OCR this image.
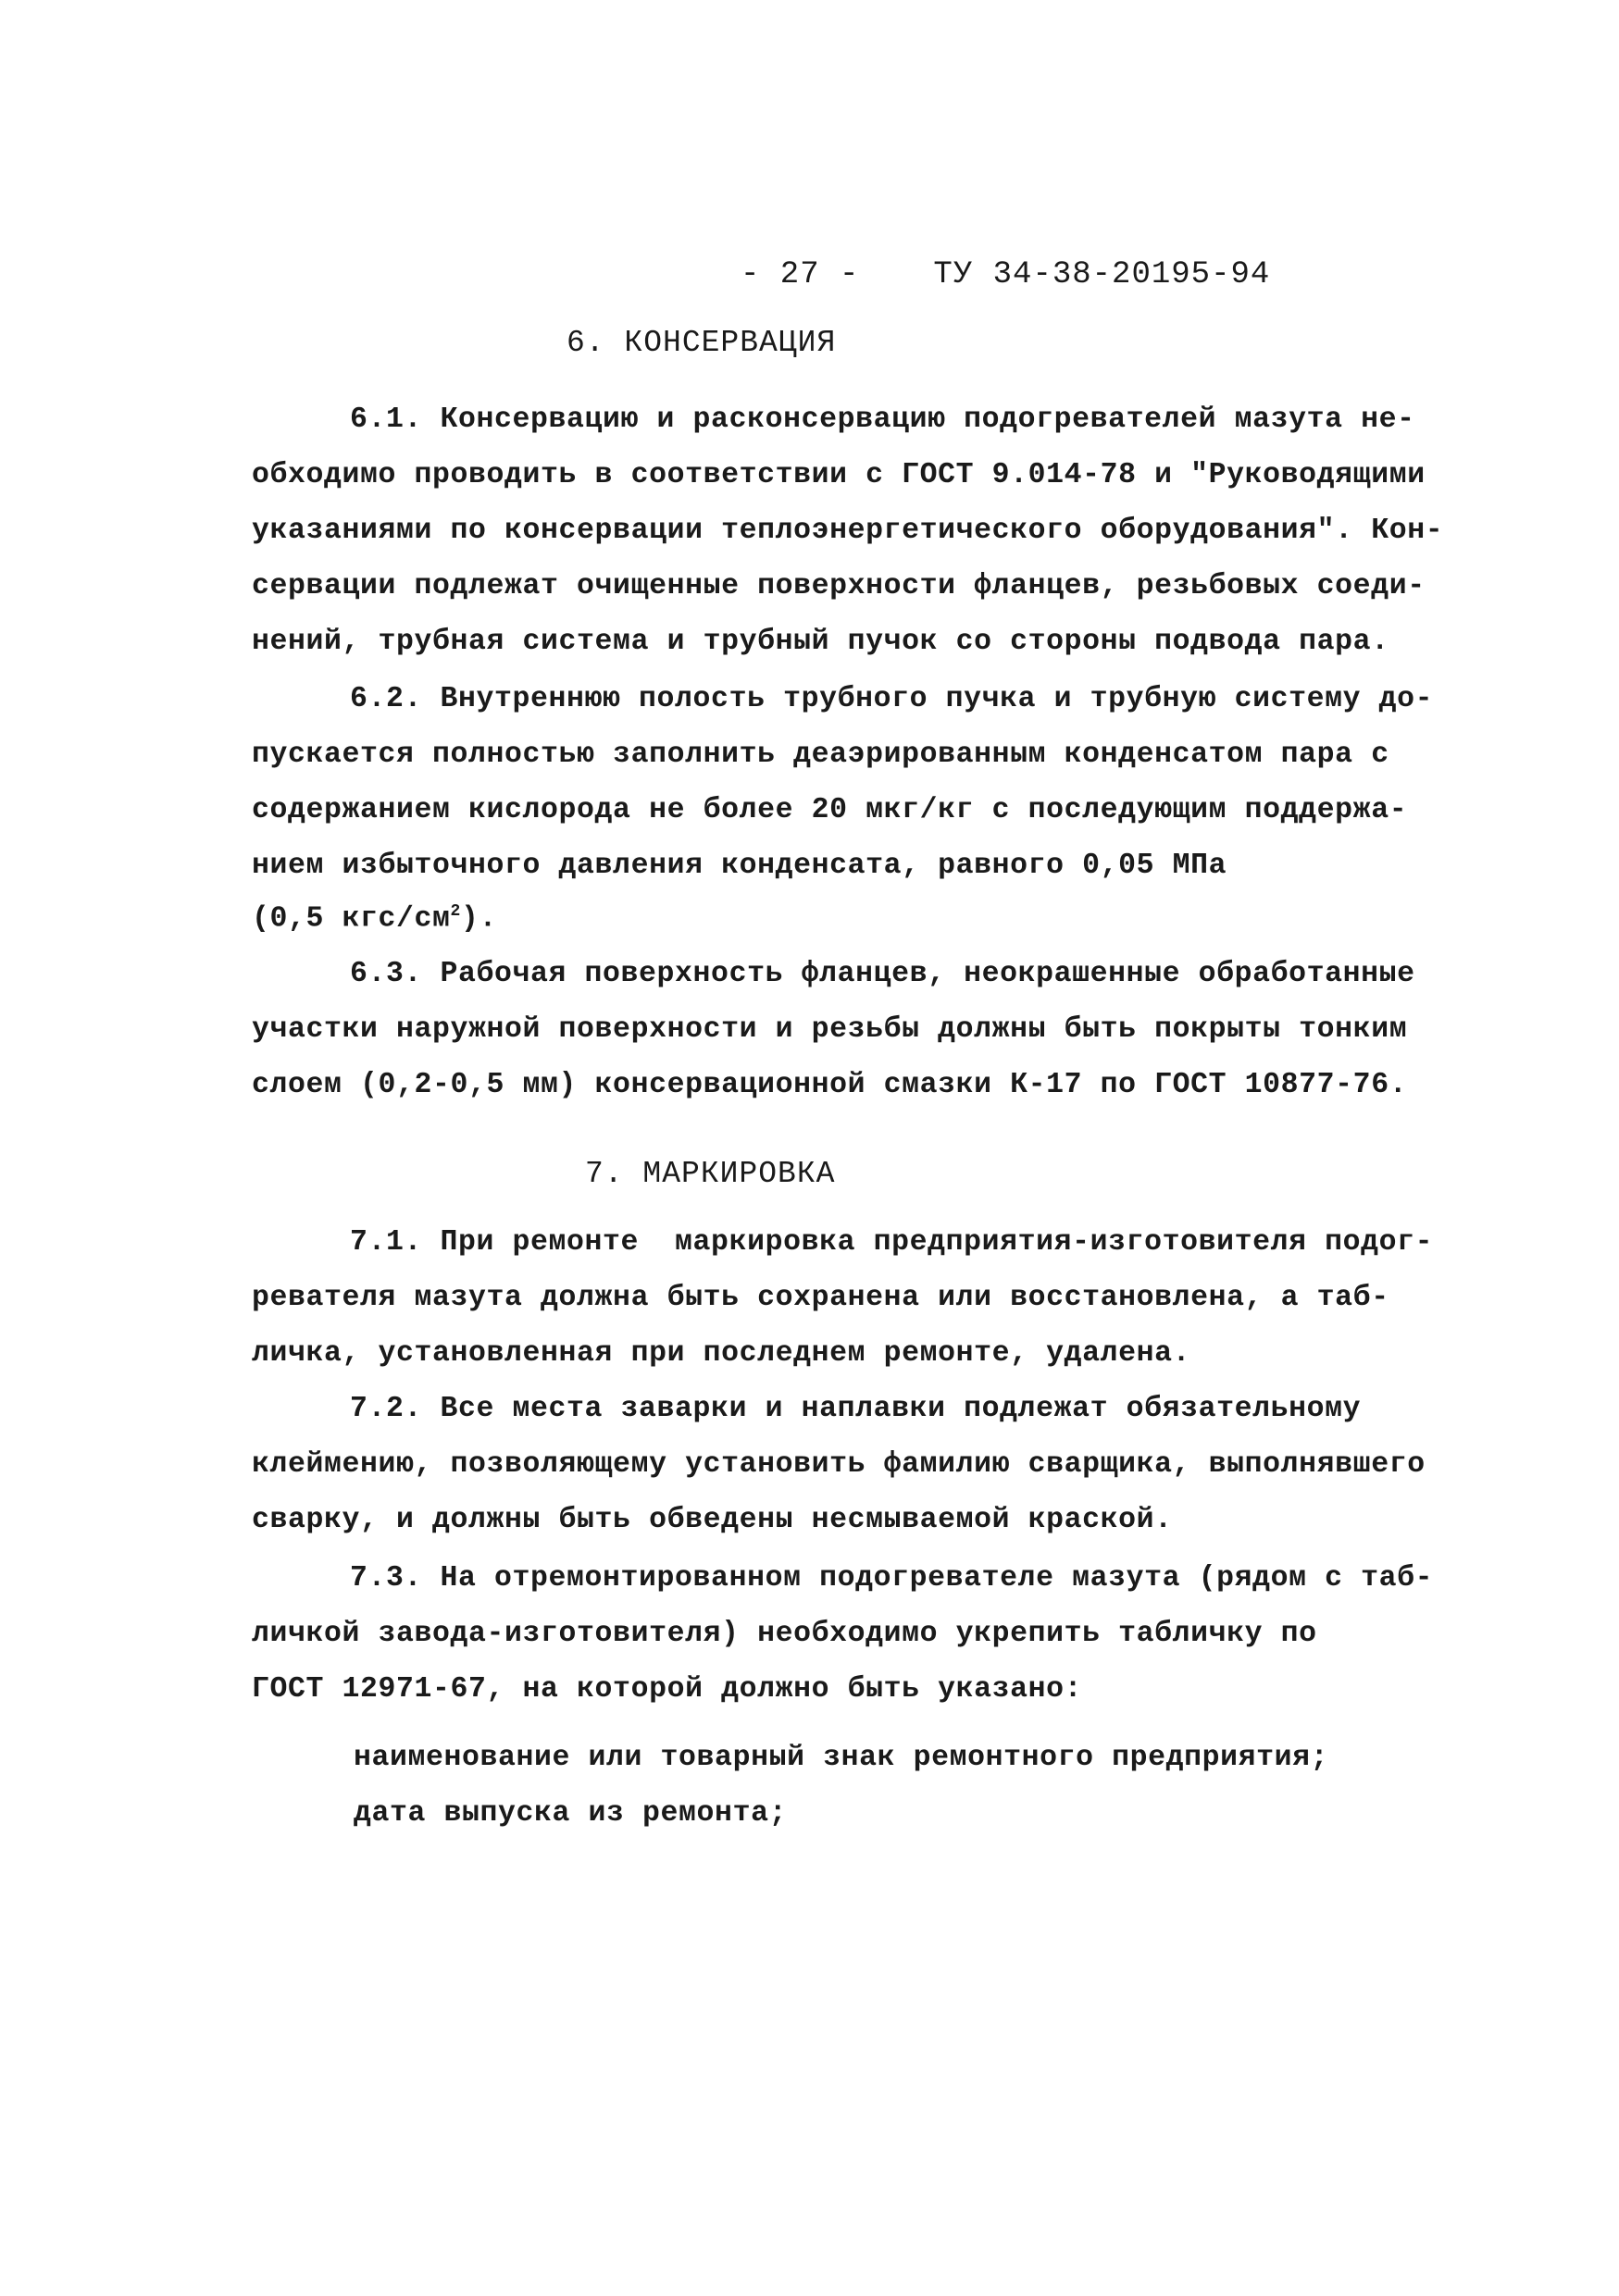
- 27 - ТУ 34-38-20195-94
6. КОНСЕРВАЦИЯ
6.1. Консервацию и расконсервацию подогревателей мазута не-
обходимо проводить в соответствии с ГОСТ 9.014-78 и "Руководящими
указаниями по консервации теплоэнергетического оборудования". Кон-
сервации подлежат очищенные поверхности фланцев, резьбовых соеди-
нений, трубная система и трубный пучок со стороны подвода пара.
6.2. Внутреннюю полость трубного пучка и трубную систему до-
пускается полностью заполнить деаэрированным конденсатом пара с
содержанием кислорода не более 20 мкг/кг с последующим поддержа-
нием избыточного давления конденсата, равного 0,05 МПа
(0,5 кгс/$см^2$).
6.3. Рабочая поверхность фланцев, неокрашенные обработанные
участки наружной поверхности и резьбы должны быть покрыты тонким
слоем (0,2-0,5 мм) консервационной смазки К-17 по ГОСТ 10877-76.
7. МАРКИРОВКА
7.1. При ремонте  маркировка предприятия-изготовителя подог-
ревателя мазута должна быть сохранена или восстановлена, а таб-
личка, установленная при последнем ремонте, удалена.
7.2. Все места заварки и наплавки подлежат обязательному
клеймению, позволяющему установить фамилию сварщика, выполнявшего
сварку, и должны быть обведены несмываемой краской.
7.3. На отремонтированном подогревателе мазута (рядом с таб-
личкой завода-изготовителя) необходимо укрепить табличку по
ГОСТ 12971-67, на которой должно быть указано:
наименование или товарный знак ремонтного предприятия;
дата выпуска из ремонта;
